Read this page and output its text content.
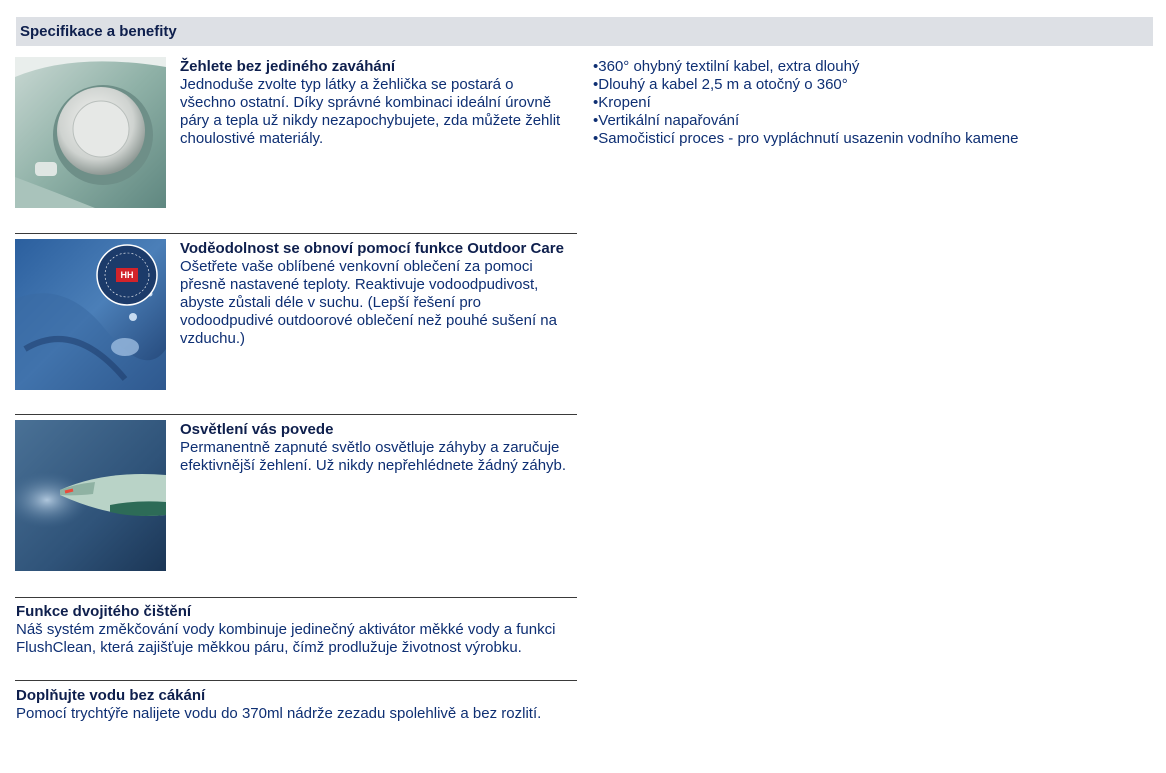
Specifikace a benefity
Žehlete bez jediného zaváhání

Jednoduše zvolte typ látky a žehlička se postará o všechno ostatní. Díky správné kombinaci ideální úrovně páry a tepla už nikdy nezapochybujete, zda můžete žehlit choulostivé materiály.

HH
Voděodolnost se obnoví pomocí funkce Outdoor Care

Ošetřete vaše oblíbené venkovní oblečení za pomoci přesně nastavené teploty. Reaktivuje vodoodpudivost, abyste zůstali déle v suchu. (Lepší řešení pro vodoodpudivé outdoorové oblečení než pouhé sušení na vzduchu.)

Osvětlení vás povede

Permanentně zapnuté světlo osvětluje záhyby a zaručuje efektivnější žehlení. Už nikdy nepřehlédnete žádný záhyb.

Funkce dvojitého čištění

Náš systém změkčování vody kombinuje jedinečný aktivátor měkké vody a funkci FlushClean, která zajišťuje měkkou páru, čímž prodlužuje životnost výrobku.

Doplňujte vodu bez cákání

Pomocí trychtýře nalijete vodu do 370ml nádrže zezadu spolehlivě a bez rozlití.

• 360° ohybný textilní kabel, extra dlouhý
• Dlouhý a kabel 2,5 m a otočný o 360°
• Kropení
• Vertikální napařování
• Samočisticí proces - pro vypláchnutí usazenin vodního kamene
